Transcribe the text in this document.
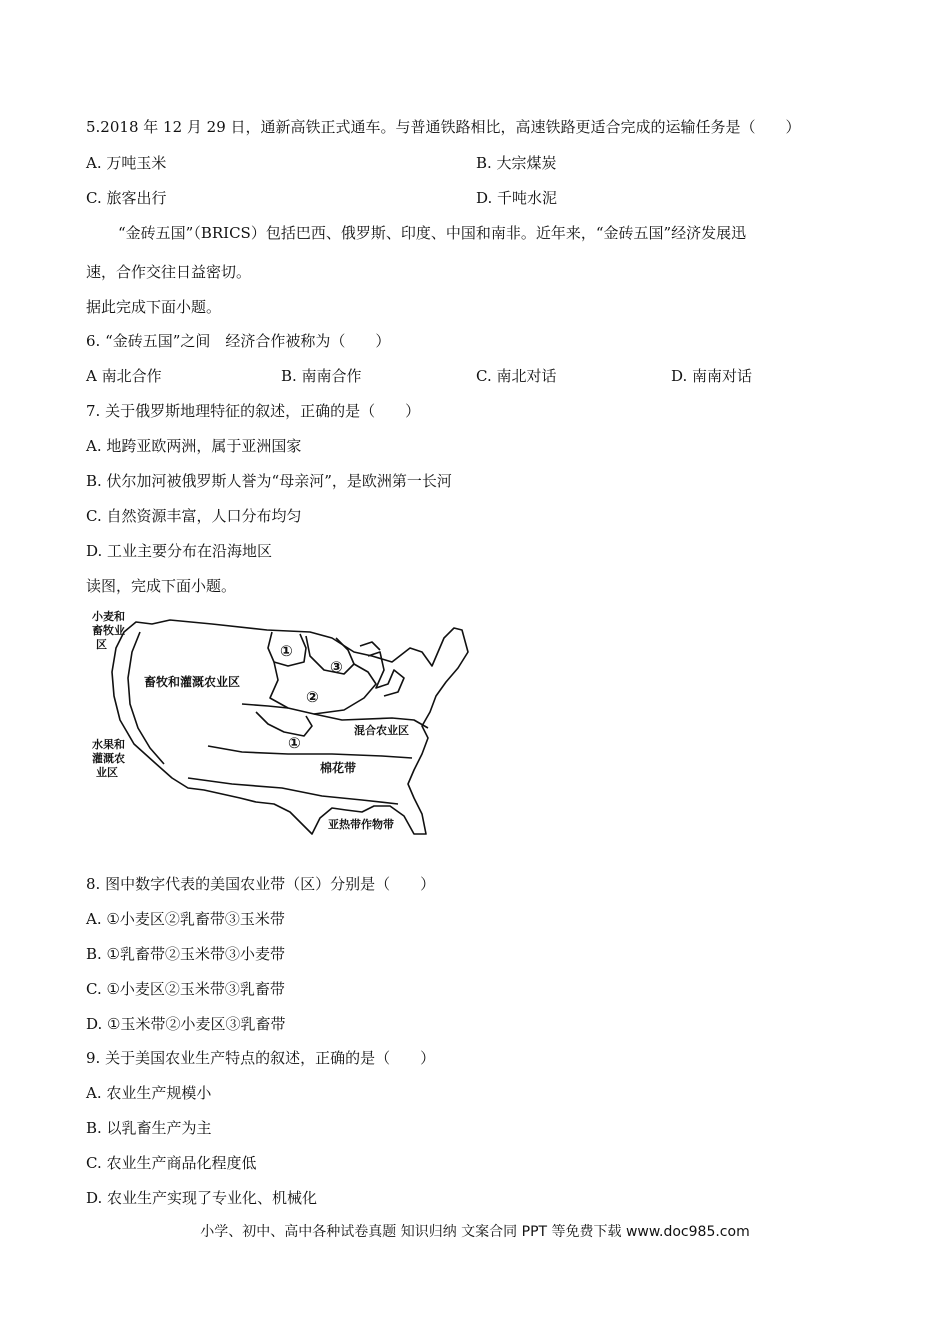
5.2018 年 12 月 29 日，通新高铁正式通车。与普通铁路相比，高速铁路更适合完成的运输任务是（　　）
A. 万吨玉米	B. 大宗煤炭
C. 旅客出行	D. 千吨水泥
“金砖五国”（BRICS）包括巴西、俄罗斯、印度、中国和南非。近年来，“金砖五国”经济发展迅
速，合作交往日益密切。
据此完成下面小题。
6. “金砖五国”之间　经济合作被称为（　　）
A 南北合作	B. 南南合作	C. 南北对话	D. 南南对话
7. 关于俄罗斯地理特征的叙述，正确的是（　　）
A. 地跨亚欧两洲，属于亚洲国家
B. 伏尔加河被俄罗斯人誉为“母亲河”，是欧洲第一长河
C. 自然资源丰富，人口分布均匀
D. 工业主要分布在沿海地区
读图，完成下面小题。
小麦和
畜牧业
区
畜牧和灌溉农业区
水果和
灌溉农
业区
混合农业区
棉花带
亚热带作物带
①
③
②
①
8. 图中数字代表的美国农业带（区）分别是（　　）
A. ①小麦区②乳畜带③玉米带
B. ①乳畜带②玉米带③小麦带
C. ①小麦区②玉米带③乳畜带
D. ①玉米带②小麦区③乳畜带
9. 关于美国农业生产特点的叙述，正确的是（　　）
A. 农业生产规模小
B. 以乳畜生产为主
C. 农业生产商品化程度低
D. 农业生产实现了专业化、机械化
小学、初中、高中各种试卷真题 知识归纳 文案合同 PPT 等免费下载 www.doc985.com
